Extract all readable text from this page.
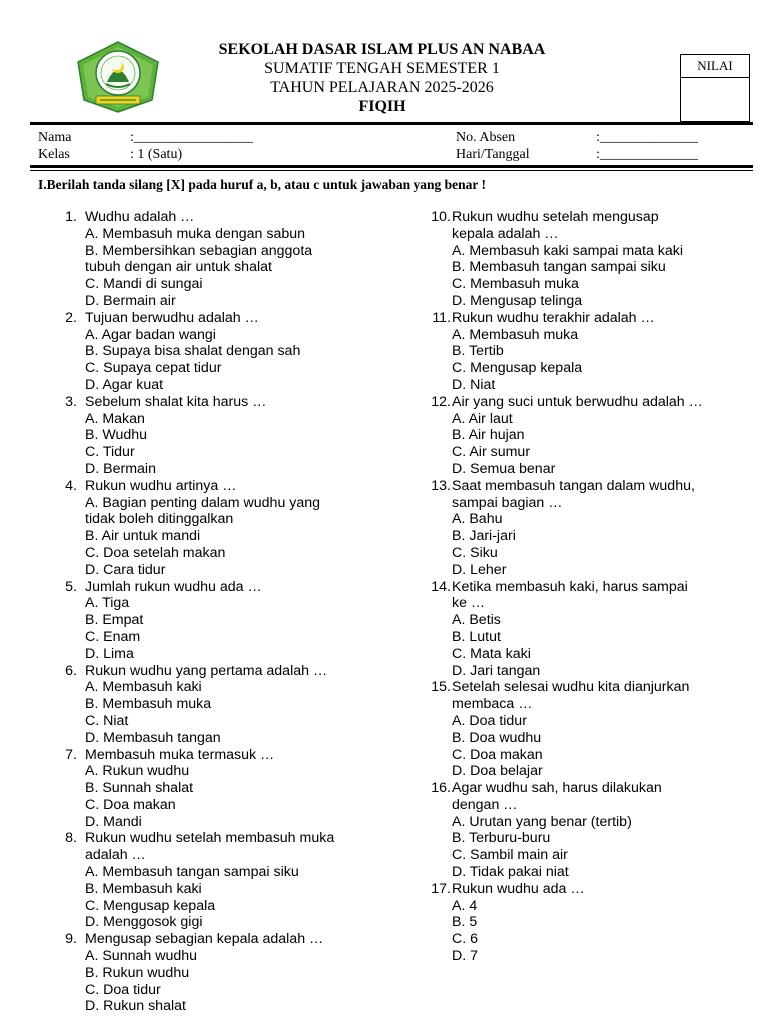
SEKOLAH DASAR ISLAM PLUS AN NABAA
SUMATIF TENGAH SEMESTER 1
TAHUN PELAJARAN 2025-2026
FIQIH
NILAI
Nama	:_________________
Kelas	: 1 (Satu)
No. Absen	:______________
Hari/Tanggal	:______________
I.Berilah tanda silang [X] pada huruf a, b, atau c untuk jawaban yang benar !
1. Wudhu adalah …
A. Membasuh muka dengan sabun
B. Membersihkan sebagian anggota
tubuh dengan air untuk shalat
C. Mandi di sungai
D. Bermain air
2. Tujuan berwudhu adalah …
A. Agar badan wangi
B. Supaya bisa shalat dengan sah
C. Supaya cepat tidur
D. Agar kuat
3. Sebelum shalat kita harus …
A. Makan
B. Wudhu
C. Tidur
D. Bermain
4. Rukun wudhu artinya …
A. Bagian penting dalam wudhu yang
tidak boleh ditinggalkan
B. Air untuk mandi
C. Doa setelah makan
D. Cara tidur
5. Jumlah rukun wudhu ada …
A. Tiga
B. Empat
C. Enam
D. Lima
6. Rukun wudhu yang pertama adalah …
A. Membasuh kaki
B. Membasuh muka
C. Niat
D. Membasuh tangan
7. Membasuh muka termasuk …
A. Rukun wudhu
B. Sunnah shalat
C. Doa makan
D. Mandi
8. Rukun wudhu setelah membasuh muka
adalah …
A. Membasuh tangan sampai siku
B. Membasuh kaki
C. Mengusap kepala
D. Menggosok gigi
9. Mengusap sebagian kepala adalah …
A. Sunnah wudhu
B. Rukun wudhu
C. Doa tidur
D. Rukun shalat
10. Rukun wudhu setelah mengusap
kepala adalah …
A. Membasuh kaki sampai mata kaki
B. Membasuh tangan sampai siku
C. Membasuh muka
D. Mengusap telinga
11. Rukun wudhu terakhir adalah …
A. Membasuh muka
B. Tertib
C. Mengusap kepala
D. Niat
12. Air yang suci untuk berwudhu adalah …
A. Air laut
B. Air hujan
C. Air sumur
D. Semua benar
13. Saat membasuh tangan dalam wudhu,
sampai bagian …
A. Bahu
B. Jari-jari
C. Siku
D. Leher
14. Ketika membasuh kaki, harus sampai
ke …
A. Betis
B. Lutut
C. Mata kaki
D. Jari tangan
15. Setelah selesai wudhu kita dianjurkan
membaca …
A. Doa tidur
B. Doa wudhu
C. Doa makan
D. Doa belajar
16. Agar wudhu sah, harus dilakukan
dengan …
A. Urutan yang benar (tertib)
B. Terburu-buru
C. Sambil main air
D. Tidak pakai niat
17. Rukun wudhu ada …
A. 4
B. 5
C. 6
D. 7
